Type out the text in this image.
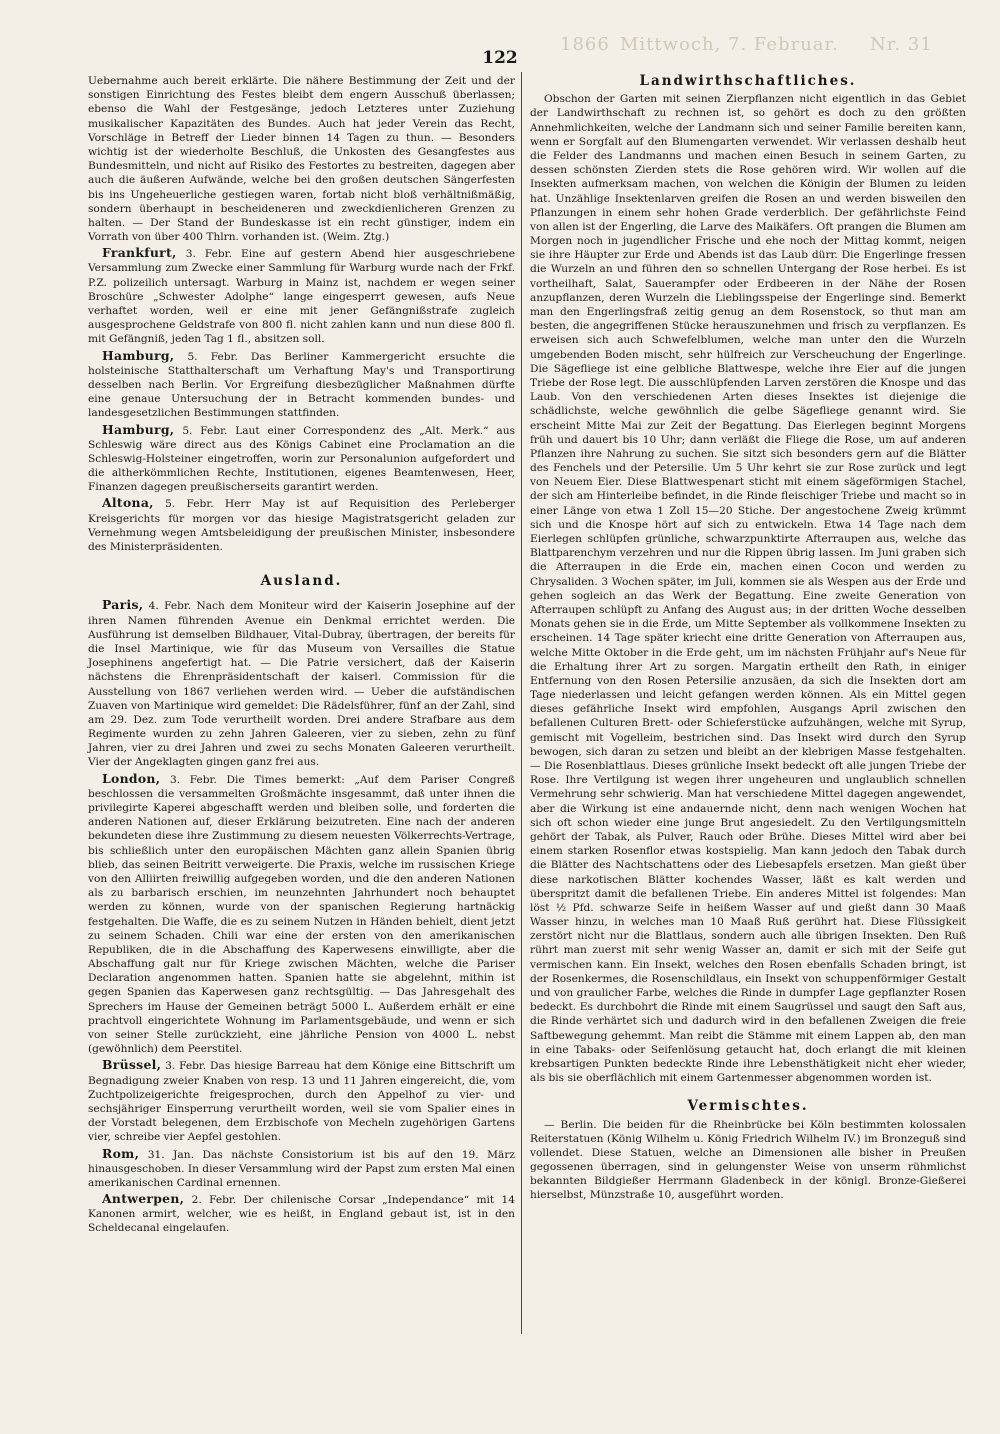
1866 Mittwoch, 7. Februar. Nr. 31
122

Uebernahme auch bereit erklärte. Die nähere Bestimmung der Zeit und der sonstigen Einrichtung des Festes bleibt dem engern Ausschuß überlassen; ebenso die Wahl der Festgesänge, jedoch Letzteres unter Zuziehung musikalischer Kapazitäten des Bundes. Auch hat jeder Verein das Recht, Vorschläge in Betreff der Lieder binnen 14 Tagen zu thun. — Besonders wichtig ist der wiederholte Beschluß, die Unkosten des Gesangfestes aus Bundesmitteln, und nicht auf Risiko des Festortes zu bestreiten, dagegen aber auch die äußeren Aufwände, welche bei den großen deutschen Sängerfesten bis ins Ungeheuerliche gestiegen waren, fortab nicht bloß verhältnißmäßig, sondern überhaupt in bescheideneren und zweckdienlicheren Grenzen zu halten. — Der Stand der Bundeskasse ist ein recht günstiger, indem ein Vorrath von über 400 Thlrn. vorhanden ist. (Weim. Ztg.)

Frankfurt, 3. Febr. Eine auf gestern Abend hier ausgeschriebene Versammlung zum Zwecke einer Sammlung für Warburg wurde nach der Frkf. P.Z. polizeilich untersagt. Warburg in Mainz ist, nachdem er wegen seiner Broschüre „Schwester Adolphe“ lange eingesperrt gewesen, aufs Neue verhaftet worden, weil er eine mit jener Gefängnißstrafe zugleich ausgesprochene Geldstrafe von 800 fl. nicht zahlen kann und nun diese 800 fl. mit Gefängniß, jeden Tag 1 fl., absitzen soll.

Hamburg, 5. Febr. Das Berliner Kammergericht ersuchte die holsteinische Statthalterschaft um Verhaftung May's und Transportirung desselben nach Berlin. Vor Ergreifung diesbezüglicher Maßnahmen dürfte eine genaue Untersuchung der in Betracht kommenden bundes- und landesgesetzlichen Bestimmungen stattfinden.

Hamburg, 5. Febr. Laut einer Correspondenz des „Alt. Merk.“ aus Schleswig wäre direct aus des Königs Cabinet eine Proclamation an die Schleswig-Holsteiner eingetroffen, worin zur Personalunion aufgefordert und die altherkömmlichen Rechte, Institutionen, eigenes Beamtenwesen, Heer, Finanzen dagegen preußischerseits garantirt werden.

Altona, 5. Febr. Herr May ist auf Requisition des Perleberger Kreisgerichts für morgen vor das hiesige Magistratsgericht geladen zur Vernehmung wegen Amtsbeleidigung der preußischen Minister, insbesondere des Ministerpräsidenten.

Ausland.

Paris, 4. Febr. Nach dem Moniteur wird der Kaiserin Josephine auf der ihren Namen führenden Avenue ein Denkmal errichtet werden. Die Ausführung ist demselben Bildhauer, Vital-Dubray, übertragen, der bereits für die Insel Martinique, wie für das Museum von Versailles die Statue Josephinens angefertigt hat. — Die Patrie versichert, daß der Kaiserin nächstens die Ehrenpräsidentschaft der kaiserl. Commission für die Ausstellung von 1867 verliehen werden wird. — Ueber die aufständischen Zuaven von Martinique wird gemeldet: Die Rädelsführer, fünf an der Zahl, sind am 29. Dez. zum Tode verurtheilt worden. Drei andere Strafbare aus dem Regimente wurden zu zehn Jahren Galeeren, vier zu sieben, zehn zu fünf Jahren, vier zu drei Jahren und zwei zu sechs Monaten Galeeren verurtheilt. Vier der Angeklagten gingen ganz frei aus.

London, 3. Febr. Die Times bemerkt: „Auf dem Pariser Congreß beschlossen die versammelten Großmächte insgesammt, daß unter ihnen die privilegirte Kaperei abgeschafft werden und bleiben solle, und forderten die anderen Nationen auf, dieser Erklärung beizutreten. Eine nach der anderen bekundeten diese ihre Zustimmung zu diesem neuesten Völkerrechts-Vertrage, bis schließlich unter den europäischen Mächten ganz allein Spanien übrig blieb, das seinen Beitritt verweigerte. Die Praxis, welche im russischen Kriege von den Alliirten freiwillig aufgegeben worden, und die den anderen Nationen als zu barbarisch erschien, im neunzehnten Jahrhundert noch behauptet werden zu können, wurde von der spanischen Regierung hartnäckig festgehalten. Die Waffe, die es zu seinem Nutzen in Händen behielt, dient jetzt zu seinem Schaden. Chili war eine der ersten von den amerikanischen Republiken, die in die Abschaffung des Kaperwesens einwilligte, aber die Abschaffung galt nur für Kriege zwischen Mächten, welche die Pariser Declaration angenommen hatten. Spanien hatte sie abgelehnt, mithin ist gegen Spanien das Kaperwesen ganz rechtsgültig. — Das Jahresgehalt des Sprechers im Hause der Gemeinen beträgt 5000 L. Außerdem erhält er eine prachtvoll eingerichtete Wohnung im Parlamentsgebäude, und wenn er sich von seiner Stelle zurückzieht, eine jährliche Pension von 4000 L. nebst (gewöhnlich) dem Peerstitel.

Brüssel, 3. Febr. Das hiesige Barreau hat dem Könige eine Bittschrift um Begnadigung zweier Knaben von resp. 13 und 11 Jahren eingereicht, die, vom Zuchtpolizeigerichte freigesprochen, durch den Appelhof zu vier- und sechsjähriger Einsperrung verurtheilt worden, weil sie vom Spalier eines in der Vorstadt belegenen, dem Erzbischofe von Mecheln zugehörigen Gartens vier, schreibe vier Aepfel gestohlen.

Rom, 31. Jan. Das nächste Consistorium ist bis auf den 19. März hinausgeschoben. In dieser Versammlung wird der Papst zum ersten Mal einen amerikanischen Cardinal ernennen.

Antwerpen, 2. Febr. Der chilenische Corsar „Independance“ mit 14 Kanonen armirt, welcher, wie es heißt, in England gebaut ist, ist in den Scheldecanal eingelaufen.

Landwirthschaftliches.

Obschon der Garten mit seinen Zierpflanzen nicht eigentlich in das Gebiet der Landwirthschaft zu rechnen ist, so gehört es doch zu den größten Annehmlichkeiten, welche der Landmann sich und seiner Familie bereiten kann, wenn er Sorgfalt auf den Blumengarten verwendet. Wir verlassen deshalb heut die Felder des Landmanns und machen einen Besuch in seinem Garten, zu dessen schönsten Zierden stets die Rose gehören wird. Wir wollen auf die Insekten aufmerksam machen, von welchen die Königin der Blumen zu leiden hat. Unzählige Insektenlarven greifen die Rosen an und werden bisweilen den Pflanzungen in einem sehr hohen Grade verderblich. Der gefährlichste Feind von allen ist der Engerling, die Larve des Maikäfers. Oft prangen die Blumen am Morgen noch in jugendlicher Frische und ehe noch der Mittag kommt, neigen sie ihre Häupter zur Erde und Abends ist das Laub dürr. Die Engerlinge fressen die Wurzeln an und führen den so schnellen Untergang der Rose herbei. Es ist vortheilhaft, Salat, Sauerampfer oder Erdbeeren in der Nähe der Rosen anzupflanzen, deren Wurzeln die Lieblingsspeise der Engerlinge sind. Bemerkt man den Engerlingsfraß zeitig genug an dem Rosenstock, so thut man am besten, die angegriffenen Stücke herauszunehmen und frisch zu verpflanzen. Es erweisen sich auch Schwefelblumen, welche man unter den die Wurzeln umgebenden Boden mischt, sehr hülfreich zur Verscheuchung der Engerlinge. Die Sägefliege ist eine gelbliche Blattwespe, welche ihre Eier auf die jungen Triebe der Rose legt. Die ausschlüpfenden Larven zerstören die Knospe und das Laub. Von den verschiedenen Arten dieses Insektes ist diejenige die schädlichste, welche gewöhnlich die gelbe Sägefliege genannt wird. Sie erscheint Mitte Mai zur Zeit der Begattung. Das Eierlegen beginnt Morgens früh und dauert bis 10 Uhr; dann verläßt die Fliege die Rose, um auf anderen Pflanzen ihre Nahrung zu suchen. Sie sitzt sich besonders gern auf die Blätter des Fenchels und der Petersilie. Um 5 Uhr kehrt sie zur Rose zurück und legt von Neuem Eier. Diese Blattwespenart sticht mit einem sägeförmigen Stachel, der sich am Hinterleibe befindet, in die Rinde fleischiger Triebe und macht so in einer Länge von etwa 1 Zoll 15—20 Stiche. Der angestochene Zweig krümmt sich und die Knospe hört auf sich zu entwickeln. Etwa 14 Tage nach dem Eierlegen schlüpfen grünliche, schwarzpunktirte Afterraupen aus, welche das Blattparenchym verzehren und nur die Rippen übrig lassen. Im Juni graben sich die Afterraupen in die Erde ein, machen einen Cocon und werden zu Chrysaliden. 3 Wochen später, im Juli, kommen sie als Wespen aus der Erde und gehen sogleich an das Werk der Begattung. Eine zweite Generation von Afterraupen schlüpft zu Anfang des August aus; in der dritten Woche desselben Monats gehen sie in die Erde, um Mitte September als vollkommene Insekten zu erscheinen. 14 Tage später kriecht eine dritte Generation von Afterraupen aus, welche Mitte Oktober in die Erde geht, um im nächsten Frühjahr auf's Neue für die Erhaltung ihrer Art zu sorgen. Margatin ertheilt den Rath, in einiger Entfernung von den Rosen Petersilie anzusäen, da sich die Insekten dort am Tage niederlassen und leicht gefangen werden können. Als ein Mittel gegen dieses gefährliche Insekt wird empfohlen, Ausgangs April zwischen den befallenen Culturen Brett- oder Schieferstücke aufzuhängen, welche mit Syrup, gemischt mit Vogelleim, bestrichen sind. Das Insekt wird durch den Syrup bewogen, sich daran zu setzen und bleibt an der klebrigen Masse festgehalten. — Die Rosenblattlaus. Dieses grünliche Insekt bedeckt oft alle jungen Triebe der Rose. Ihre Vertilgung ist wegen ihrer ungeheuren und unglaublich schnellen Vermehrung sehr schwierig. Man hat verschiedene Mittel dagegen angewendet, aber die Wirkung ist eine andauernde nicht, denn nach wenigen Wochen hat sich oft schon wieder eine junge Brut angesiedelt. Zu den Vertilgungsmitteln gehört der Tabak, als Pulver, Rauch oder Brühe. Dieses Mittel wird aber bei einem starken Rosenflor etwas kostspielig. Man kann jedoch den Tabak durch die Blätter des Nachtschattens oder des Liebesapfels ersetzen. Man gießt über diese narkotischen Blätter kochendes Wasser, läßt es kalt werden und überspritzt damit die befallenen Triebe. Ein anderes Mittel ist folgendes: Man löst ½ Pfd. schwarze Seife in heißem Wasser auf und gießt dann 30 Maaß Wasser hinzu, in welches man 10 Maaß Ruß gerührt hat. Diese Flüssigkeit zerstört nicht nur die Blattlaus, sondern auch alle übrigen Insekten. Den Ruß rührt man zuerst mit sehr wenig Wasser an, damit er sich mit der Seife gut vermischen kann. Ein Insekt, welches den Rosen ebenfalls Schaden bringt, ist der Rosenkermes, die Rosenschildlaus, ein Insekt von schuppenförmiger Gestalt und von graulicher Farbe, welches die Rinde in dumpfer Lage gepflanzter Rosen bedeckt. Es durchbohrt die Rinde mit einem Saugrüssel und saugt den Saft aus, die Rinde verhärtet sich und dadurch wird in den befallenen Zweigen die freie Saftbewegung gehemmt. Man reibt die Stämme mit einem Lappen ab, den man in eine Tabaks- oder Seifenlösung getaucht hat, doch erlangt die mit kleinen krebsartigen Punkten bedeckte Rinde ihre Lebensthätigkeit nicht eher wieder, als bis sie oberflächlich mit einem Gartenmesser abgenommen worden ist.

Vermischtes.

— Berlin. Die beiden für die Rheinbrücke bei Köln bestimmten kolossalen Reiterstatuen (König Wilhelm u. König Friedrich Wilhelm IV.) im Bronzeguß sind vollendet. Diese Statuen, welche an Dimensionen alle bisher in Preußen gegossenen überragen, sind in gelungenster Weise von unserm rühmlichst bekannten Bildgießer Herrmann Gladenbeck in der königl. Bronze-Gießerei hierselbst, Münzstraße 10, ausgeführt worden.
